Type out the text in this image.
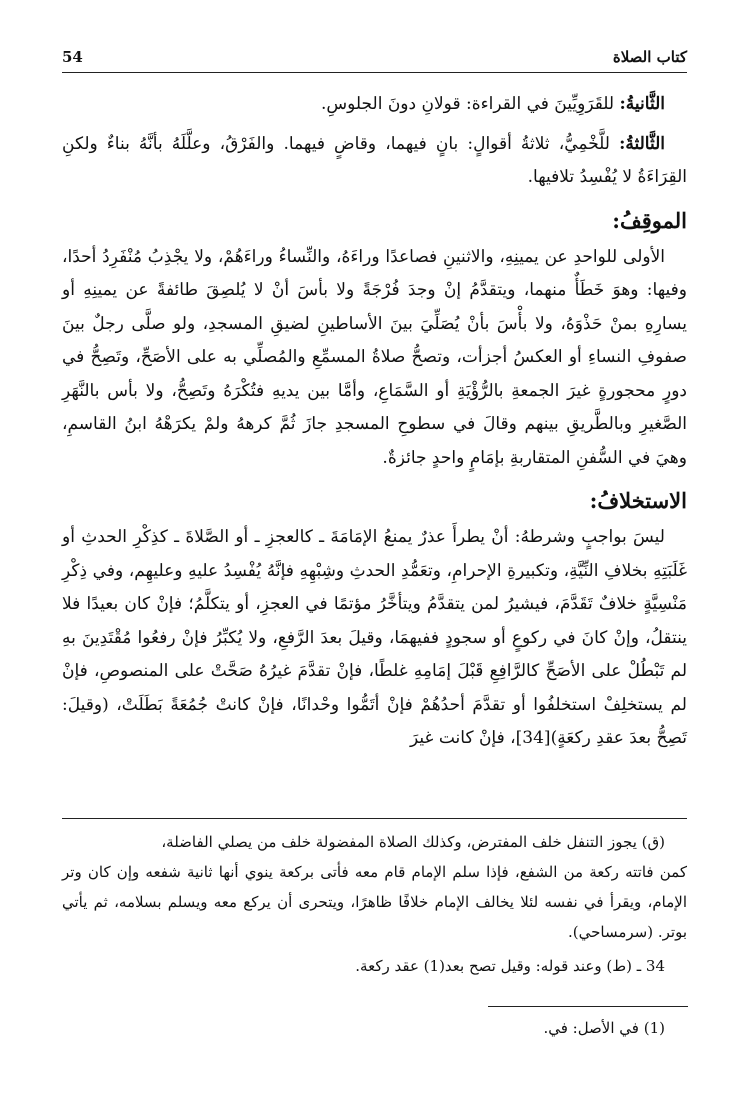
54	كتاب الصلاة

الثَّانيةُ: للقَرَوِيِّينَ في القراءة: قولانِ دونَ الجلوسِ.

الثَّالثةُ: للَّخْمِيُّ، ثلاثةُ أقوالٍ: بانٍ فيهما، وقاضٍ فيهما. والفَرْقُ، وعلَّلَهُ بأنَّهُ بناءٌ ولكنِ القِرَاءَةُ لا يُفْسِدُ تلافيها.

الموقِفُ:

الأولى للواحدِ عن يمينِهِ، والاثنينِ فصاعدًا وراءَهُ، والنِّساءُ وراءَهُمْ، ولا يجْذِبُ مُنْفَرِدُ أحدًا، وفيها: وهوَ خَطَأٌ منهما، ويتقدَّمُ إنْ وجدَ فُرْجَةً ولا بأسَ أنْ لا يُلصِقَ طائفةً عن يمينِهِ أو يسارِهِ بمنْ حَذْوَهُ، ولا بأْسَ بأنْ يُصَلِّيَ بينَ الأساطينِ لضيقِ المسجدِ، ولو صلَّى رجلٌ بينَ صفوفِ النساءِ أو العكسُ أجزأت، وتصحُّ صلاةُ المسمِّعِ والمُصلِّي به على الأصَحِّ، وتَصِحُّ في دورٍ محجورةٍ غيرَ الجمعةِ بالرُّؤْيَةِ أو السَّمَاعِ، وأمَّا بين يديهِ فتُكْرَهُ وتَصِحُّ، ولا بأس بالنَّهَرِ الصَّغيرِ وبالطَّريقِ بينهم وقالَ في سطوحِ المسجدِ جازَ ثُمَّ كرههُ ولمْ يكرَهْهُ ابنُ القاسمِ، وهيَ في السُّفنِ المتقاربةِ بإمَامٍ واحدٍ جائزةٌ.

الاستخلافُ:

ليسَ بواجبٍ وشرطهُ: أنْ يطرأَ عذرٌ يمنعُ الإمَامَةَ ـ كالعجزِ ـ أو الصَّلاةَ ـ كذِكْرِ الحدثِ أو غَلَبَتِهِ بخلافِ النِّيَّةِ، وتكبيرةِ الإحرامِ، وتعَمُّدِ الحدثِ وشِبْهِهِ فإنَّهُ يُفْسِدُ عليهِ وعليهِم، وفي ذِكْرِ مَنْسِيَّةٍ خلافٌ تَقَدَّمَ، فيشيرُ لمن يتقدَّمُ ويتأخَّرُ مؤتمًا في العجزِ، أو يتكلَّمُ؛ فإنْ كان بعيدًا فلا ينتقلُ، وإنْ كانَ في ركوعٍ أو سجودٍ ففيهمَا، وقيلَ بعدَ الرَّفعِ، ولا يُكبِّرُ فإنْ رفعُوا مُقْتَدِينَ بهِ لم تَبْطُلْ على الأصَحِّ كالرَّافِعِ قَبْلَ إمَامِهِ غلطًا، فإنْ تقدَّمَ غيرُهُ صَحَّتْ على المنصوصِ، فإنْ لم يستخلِفْ استخلفُوا أو تقدَّمَ أحدُهُمْ فإنْ أتَمُّوا وحْدانًا، فإنْ كانتْ جُمُعَةً بَطَلَتْ، (وقيلَ: تَصِحُّ بعدَ عقدِ ركعَةٍ)[34]، فإنْ كانت غيرَ

(ق) يجوز التنفل خلف المفترض، وكذلك الصلاة المفضولة خلف من يصلي الفاضلة،

كمن فاتته ركعة من الشفع، فإذا سلم الإمام قام معه فأتى بركعة ينوي أنها ثانية شفعه وإن كان وتر الإمام، ويقرأ في نفسه لئلا يخالف الإمام خلافًا ظاهرًا، ويتحرى أن يركع معه ويسلم بسلامه، ثم يأتي بوتر. (سرمساحي).

34 ـ (ط) وعند قوله: وقيل تصح بعد(1) عقد ركعة.

(1) في الأصل: في.
